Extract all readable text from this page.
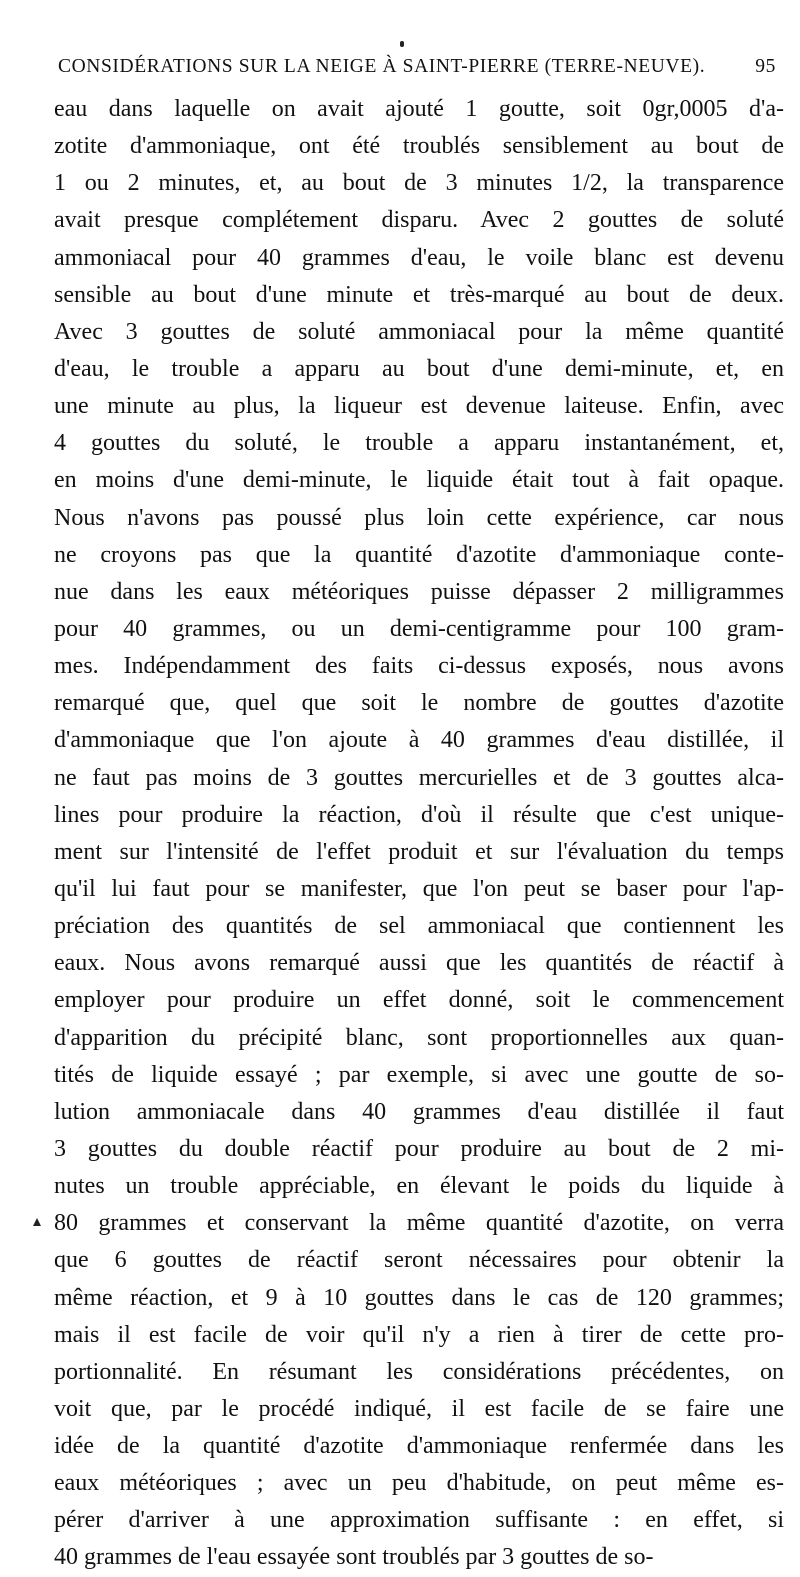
CONSIDÉRATIONS SUR LA NEIGE À SAINT-PIERRE (TERRE-NEUVE).	95
eau dans laquelle on avait ajouté 1 goutte, soit 0gr,0005 d'a-
zotite d'ammoniaque, ont été troublés sensiblement au bout de
1 ou 2 minutes, et, au bout de 3 minutes 1/2, la transparence
avait presque complétement disparu. Avec 2 gouttes de soluté
ammoniacal pour 40 grammes d'eau, le voile blanc est devenu
sensible au bout d'une minute et très-marqué au bout de deux.
Avec 3 gouttes de soluté ammoniacal pour la même quantité
d'eau, le trouble a apparu au bout d'une demi-minute, et, en
une minute au plus, la liqueur est devenue laiteuse. Enfin, avec
4 gouttes du soluté, le trouble a apparu instantanément, et,
en moins d'une demi-minute, le liquide était tout à fait opaque.
Nous n'avons pas poussé plus loin cette expérience, car nous
ne croyons pas que la quantité d'azotite d'ammoniaque conte-
nue dans les eaux météoriques puisse dépasser 2 milligrammes
pour 40 grammes, ou un demi-centigramme pour 100 gram-
mes. Indépendamment des faits ci-dessus exposés, nous avons
remarqué que, quel que soit le nombre de gouttes d'azotite
d'ammoniaque que l'on ajoute à 40 grammes d'eau distillée, il
ne faut pas moins de 3 gouttes mercurielles et de 3 gouttes alca-
lines pour produire la réaction, d'où il résulte que c'est unique-
ment sur l'intensité de l'effet produit et sur l'évaluation du temps
qu'il lui faut pour se manifester, que l'on peut se baser pour l'ap-
préciation des quantités de sel ammoniacal que contiennent les
eaux. Nous avons remarqué aussi que les quantités de réactif à
employer pour produire un effet donné, soit le commencement
d'apparition du précipité blanc, sont proportionnelles aux quan-
tités de liquide essayé ; par exemple, si avec une goutte de so-
lution ammoniacale dans 40 grammes d'eau distillée il faut
3 gouttes du double réactif pour produire au bout de 2 mi-
nutes un trouble appréciable, en élevant le poids du liquide à
80 grammes et conservant la même quantité d'azotite, on verra
que 6 gouttes de réactif seront nécessaires pour obtenir la
même réaction, et 9 à 10 gouttes dans le cas de 120 grammes;
mais il est facile de voir qu'il n'y a rien à tirer de cette pro-
portionnalité. En résumant les considérations précédentes, on
voit que, par le procédé indiqué, il est facile de se faire une
idée de la quantité d'azotite d'ammoniaque renfermée dans les
eaux météoriques ; avec un peu d'habitude, on peut même es-
pérer d'arriver à une approximation suffisante : en effet, si
40 grammes de l'eau essayée sont troublés par 3 gouttes de so-
